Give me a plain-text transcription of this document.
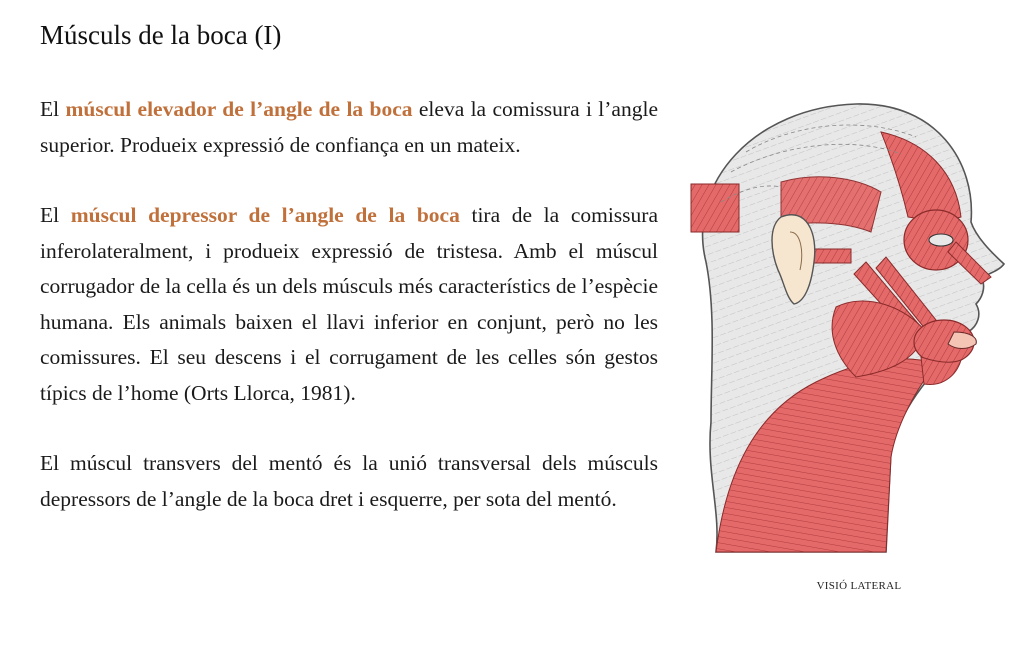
Músculs de la boca (I)

El múscul elevador de l’angle de la boca eleva la comissura i l’angle superior. Produeix expressió de confiança en un mateix.

El múscul depressor de l’angle de la boca tira de la comissura inferolateralment, i produeix expressió de tristesa. Amb el múscul corrugador de la cella és un dels músculs més característics de l’espècie humana. Els animals baixen el llavi inferior en conjunt, però no les comissures. El seu descens i el corrugament de les celles són gestos típics de l’home (Orts Llorca, 1981).

El múscul transvers del mentó és la unió transversal dels músculs depressors de l’angle de la boca dret i esquerre, per sota del mentó.

VISIÓ LATERAL
